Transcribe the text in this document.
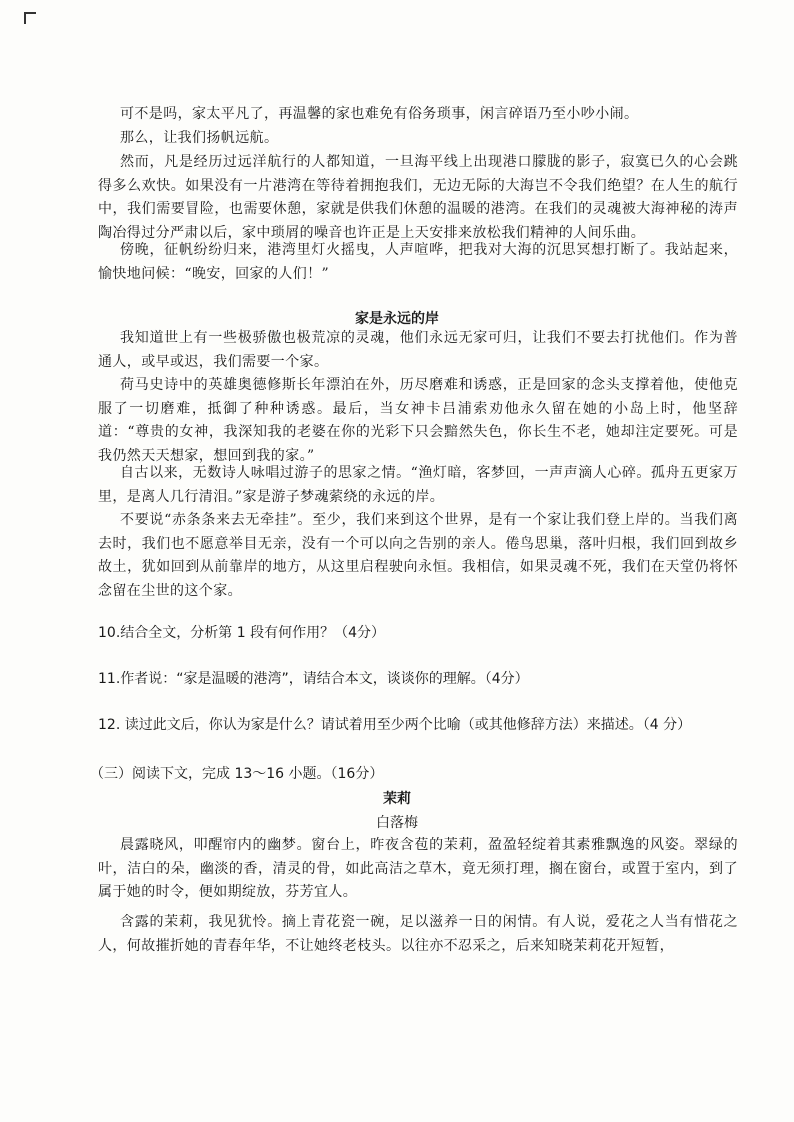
可不是吗，家太平凡了，再温馨的家也难免有俗务琐事，闲言碎语乃至小吵小闹。

那么，让我们扬帆远航。

然而，凡是经历过远洋航行的人都知道，一旦海平线上出现港口朦胧的影子，寂寞已久的心会跳得多么欢快。如果没有一片港湾在等待着拥抱我们，无边无际的大海岂不令我们绝望？在人生的航行中，我们需要冒险，也需要休憩，家就是供我们休憩的温暖的港湾。在我们的灵魂被大海神秘的涛声陶冶得过分严肃以后，家中琐屑的噪音也许正是上天安排来放松我们精神的人间乐曲。

傍晚，征帆纷纷归来，港湾里灯火摇曳，人声喧哗，把我对大海的沉思冥想打断了。我站起来，愉快地问候：“晚安，回家的人们！”

家是永远的岸

我知道世上有一些极骄傲也极荒凉的灵魂，他们永远无家可归，让我们不要去打扰他们。作为普通人，或早或迟，我们需要一个家。

荷马史诗中的英雄奥德修斯长年漂泊在外，历尽磨难和诱惑，正是回家的念头支撑着他，使他克服了一切磨难，抵御了种种诱惑。最后，当女神卡吕浦索劝他永久留在她的小岛上时，他坚辞道：“尊贵的女神，我深知我的老婆在你的光彩下只会黯然失色，你长生不老，她却注定要死。可是我仍然天天想家，想回到我的家。”

自古以来，无数诗人咏唱过游子的思家之情。“渔灯暗，客梦回，一声声滴人心碎。孤舟五更家万里，是离人几行清泪。”家是游子梦魂萦绕的永远的岸。

不要说“赤条条来去无牵挂”。至少，我们来到这个世界，是有一个家让我们登上岸的。当我们离去时，我们也不愿意举目无亲，没有一个可以向之告别的亲人。倦鸟思巢，落叶归根，我们回到故乡故土，犹如回到从前靠岸的地方，从这里启程驶向永恒。我相信，如果灵魂不死，我们在天堂仍将怀念留在尘世的这个家。

10.结合全文，分析第 1 段有何作用？（4分）

11.作者说：“家是温暖的港湾”，请结合本文，谈谈你的理解。（4分）

12. 读过此文后，你认为家是什么？请试着用至少两个比喻（或其他修辞方法）来描述。（4 分）

（三）阅读下文，完成 13～16 小题。（16分）

茉莉

白落梅

晨露晓风，叩醒帘内的幽梦。窗台上，昨夜含苞的茉莉，盈盈轻绽着其素雅飘逸的风姿。翠绿的叶，洁白的朵，幽淡的香，清灵的骨，如此高洁之草木，竟无须打理，搁在窗台，或置于室内，到了属于她的时令，便如期绽放，芬芳宜人。

含露的茉莉，我见犹怜。摘上青花瓷一碗，足以滋养一日的闲情。有人说，爱花之人当有惜花之人，何故摧折她的青春年华，不让她终老枝头。以往亦不忍采之，后来知晓茉莉花开短暂，
